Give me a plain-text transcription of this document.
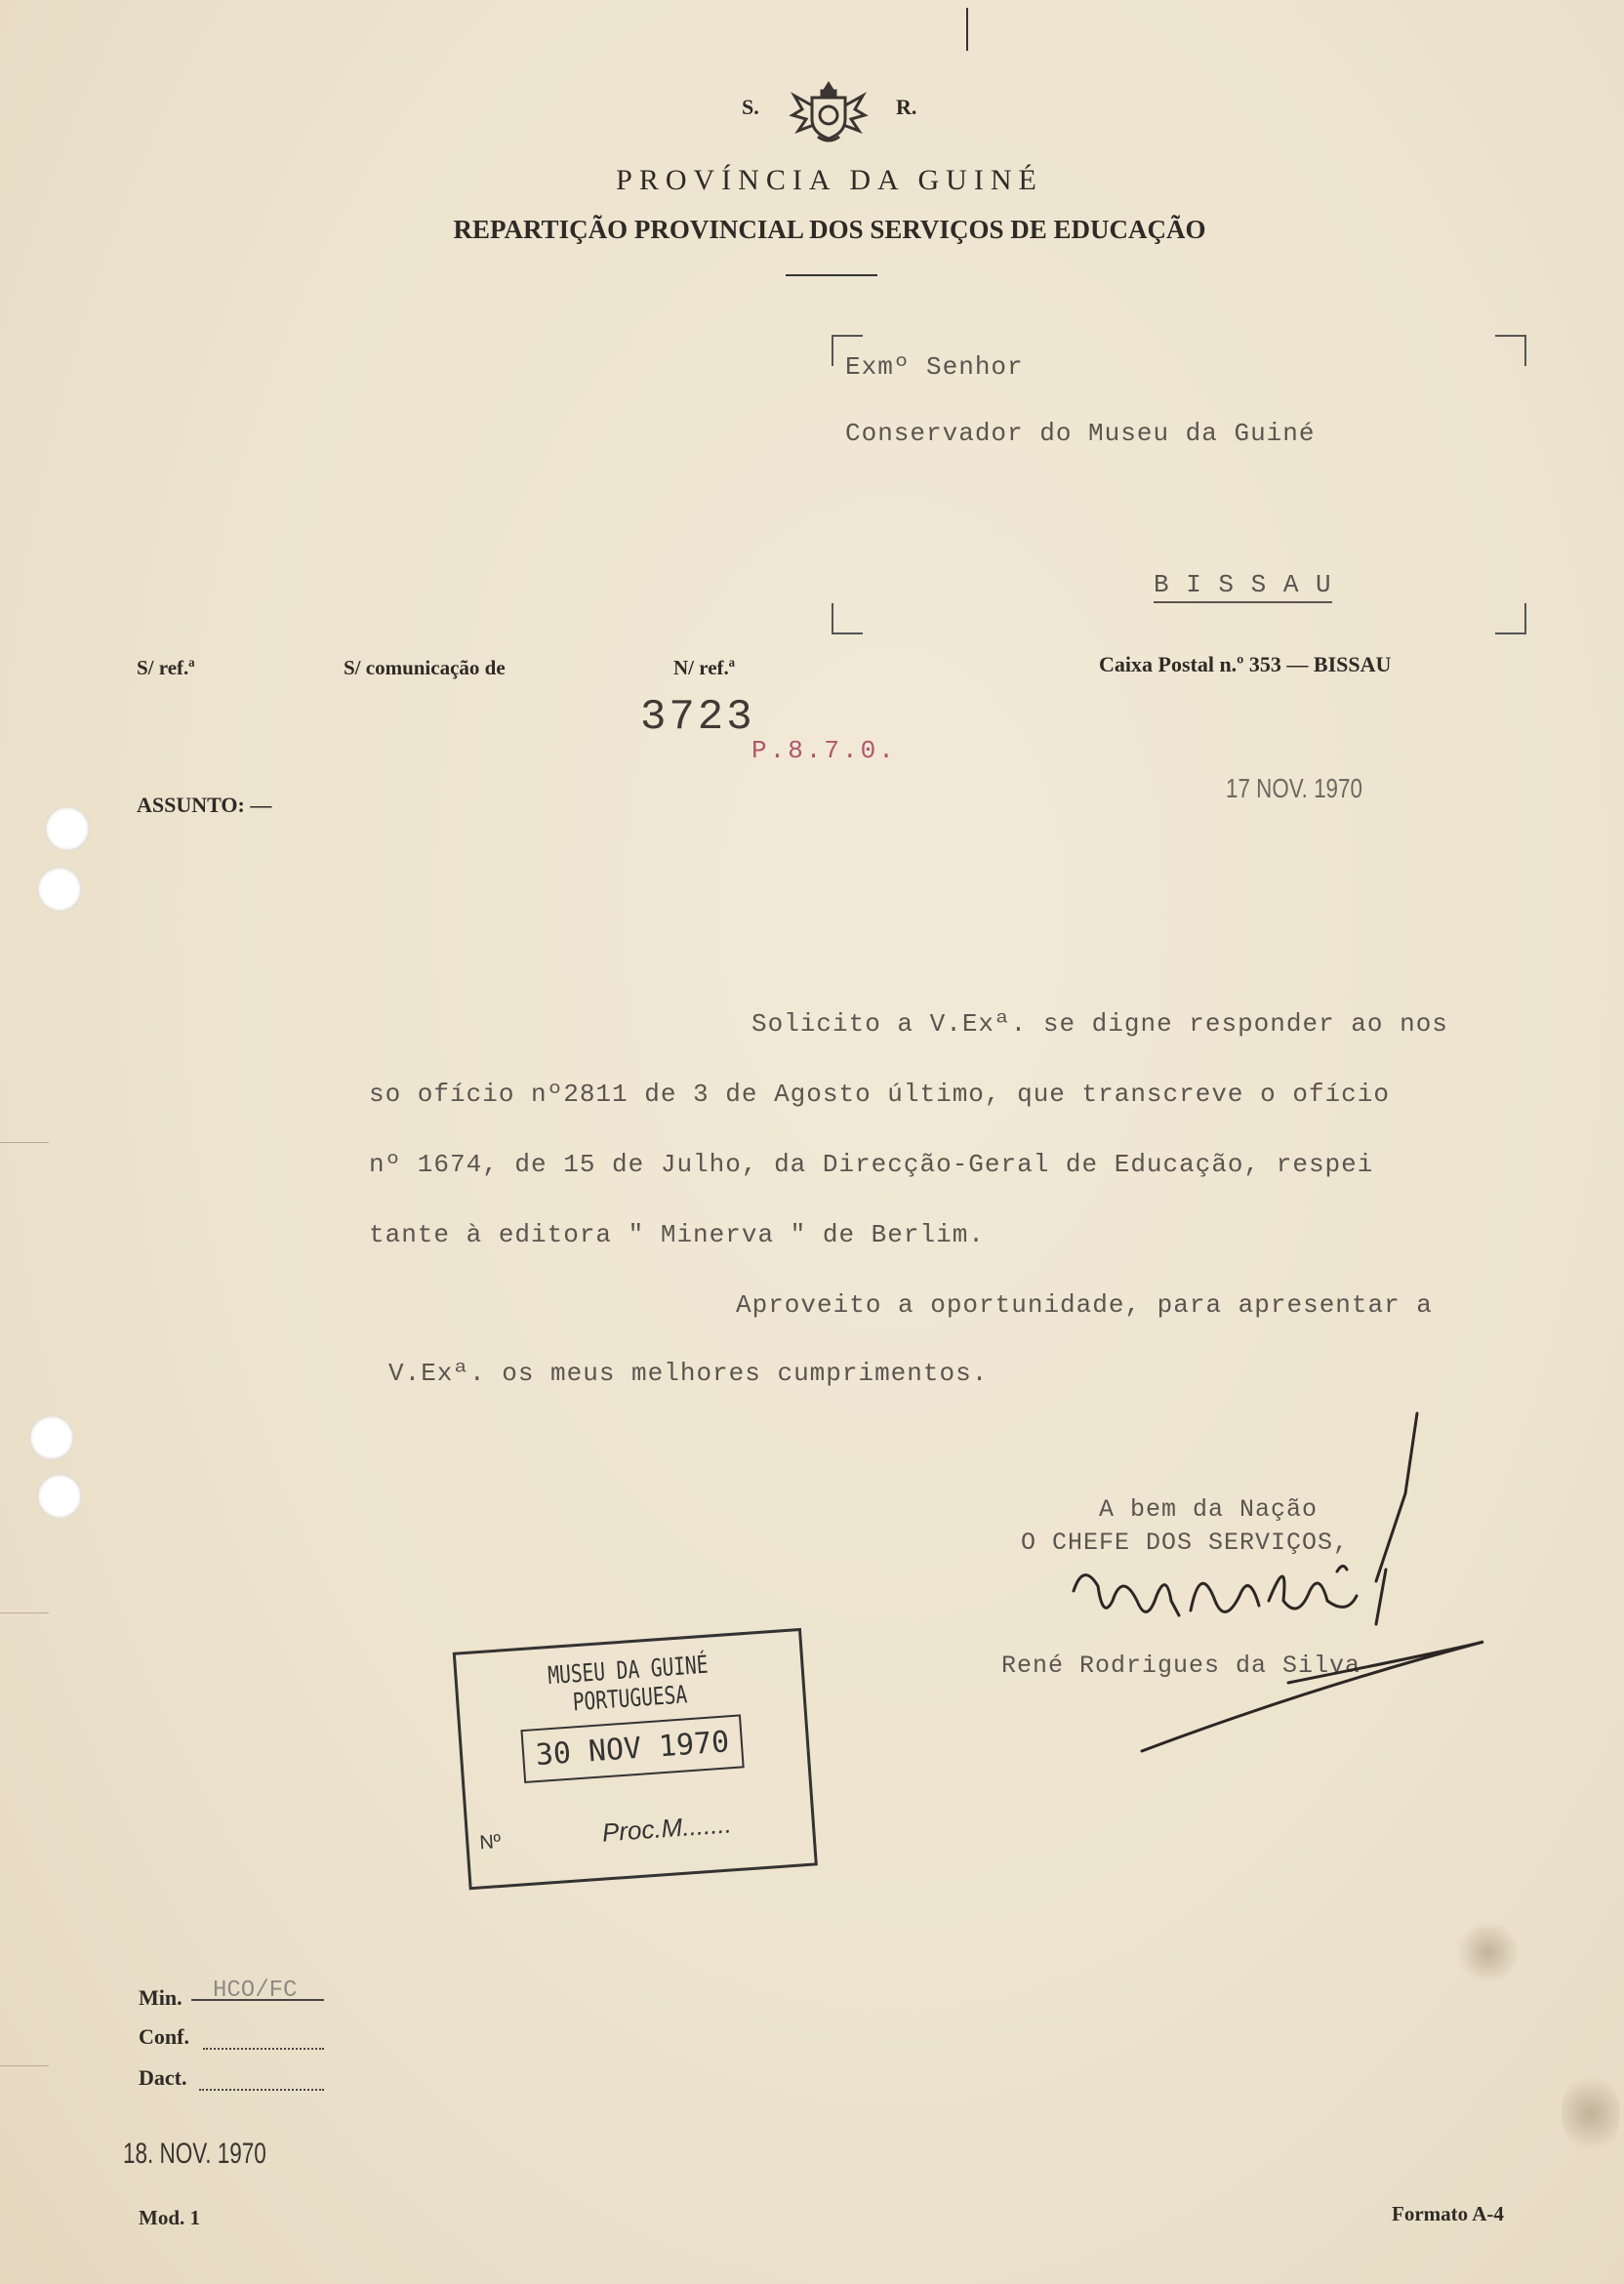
S.	R.
PROVÍNCIA DA GUINÉ
REPARTIÇÃO PROVINCIAL DOS SERVIÇOS DE EDUCAÇÃO
Exmº Senhor
Conservador do Museu da Guiné
B I S S A U
S/ ref.ª	S/ comunicação de	N/ ref.ª	Caixa Postal n.º 353 — BISSAU
3723
P.8.7.0.
17 NOV. 1970
ASSUNTO: —
Solicito a V.Exª. se digne responder ao nos
so ofício nº2811 de 3 de Agosto último, que transcreve o ofício
nº 1674, de 15 de Julho, da Direcção-Geral de Educação, respei
tante à editora " Minerva " de Berlim.
Aproveito a oportunidade, para apresentar a
V.Exª. os meus melhores cumprimentos.
A bem da Nação
O CHEFE DOS SERVIÇOS,
René Rodrigues da Silva
MUSEU DA GUINÉ PORTUGUESA
30 NOV 1970
Nº	Proc.M.......
Min. HCO/FC
Conf.
Dact.
18. NOV. 1970
Mod. 1	Formato A-4
